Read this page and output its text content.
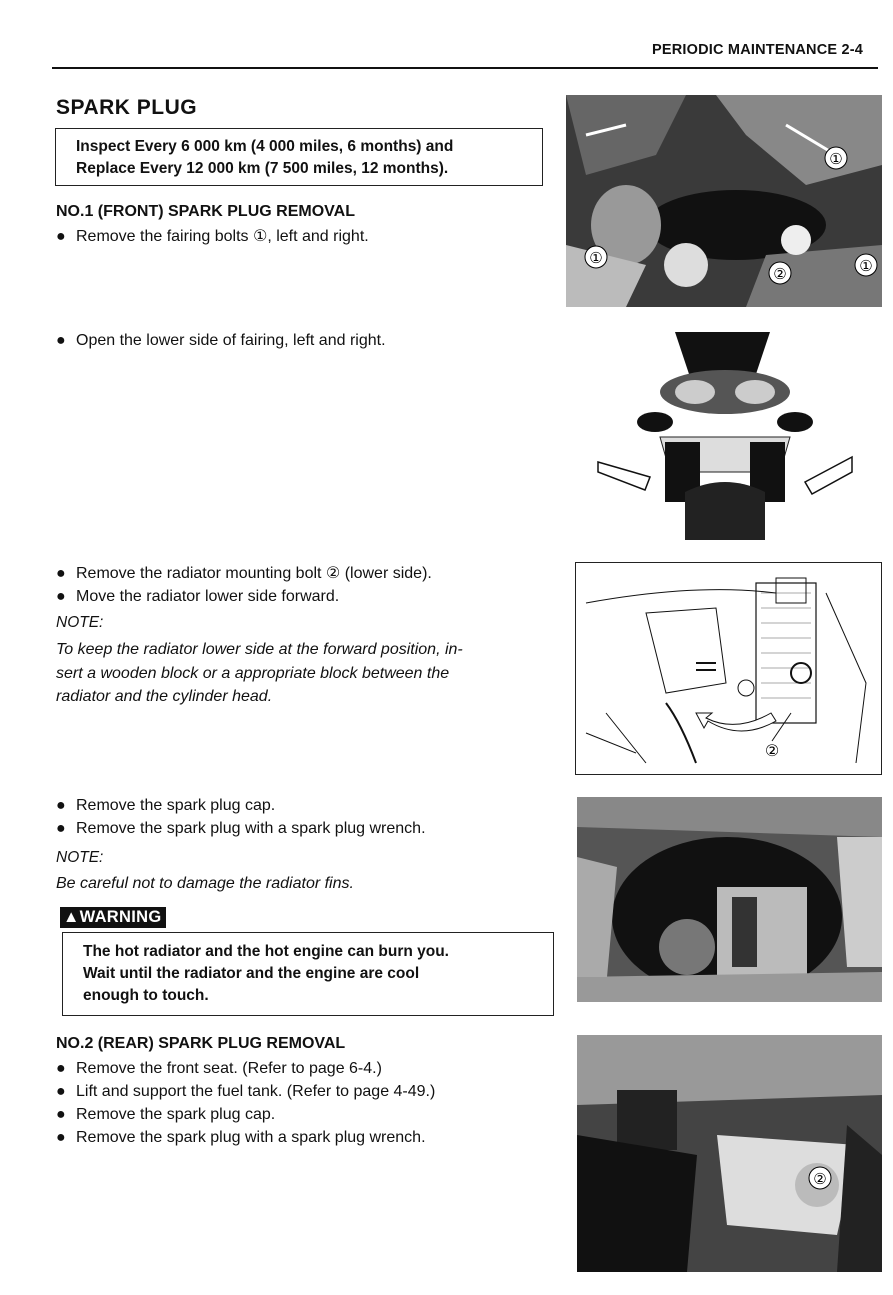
PERIODIC MAINTENANCE 2-4
SPARK PLUG
Inspect Every 6 000 km (4 000 miles, 6 months) and
Replace Every 12 000 km (7 500 miles, 12 months).
NO.1 (FRONT) SPARK PLUG REMOVAL
● Remove the fairing bolts ①, left and right.
● Open the lower side of fairing, left and right.
● Remove the radiator mounting bolt ② (lower side).
● Move the radiator lower side forward.
NOTE:
To keep the radiator lower side at the forward position, in-
sert a wooden block or a appropriate block between the
radiator and the cylinder head.
● Remove the spark plug cap.
● Remove the spark plug with a spark plug wrench.
NOTE:
Be careful not to damage the radiator fins.
▲WARNING
The hot radiator and the hot engine can burn you.
Wait until the radiator and the engine are cool
enough to touch.
NO.2 (REAR) SPARK PLUG REMOVAL
● Remove the front seat. (Refer to page 6-4.)
● Lift and support the fuel tank. (Refer to page 4-49.)
● Remove the spark plug cap.
● Remove the spark plug with a spark plug wrench.
①
①	①
②
②
②
